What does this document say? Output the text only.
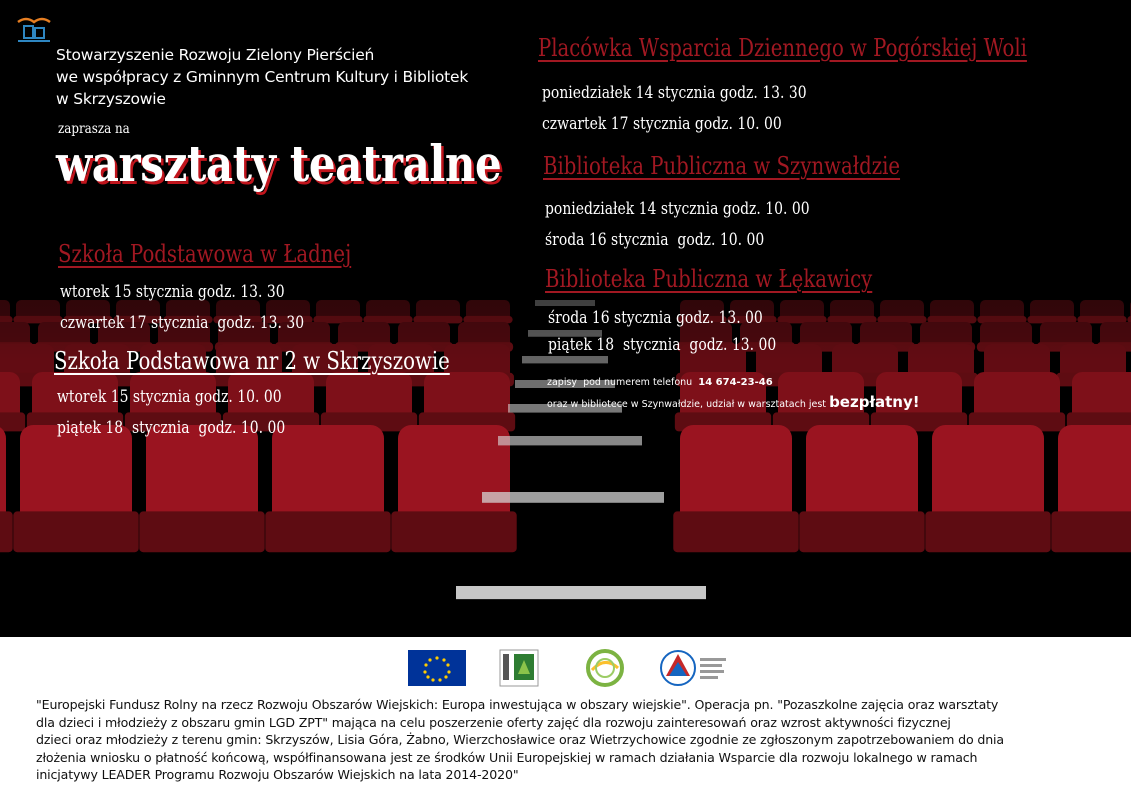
Stowarzyszenie Rozwoju Zielony Pierścień
we współpracy z Gminnym Centrum Kultury i Bibliotek
w Skrzyszowie
zaprasza na
warsztaty teatralne
Szkoła Podstawowa w Ładnej
wtorek 15 stycznia godz. 13. 30
czwartek 17 stycznia  godz. 13. 30
Szkoła Podstawowa nr 2 w Skrzyszowie
wtorek 15 stycznia godz. 10. 00
piątek 18  stycznia  godz. 10. 00
Placówka Wsparcia Dziennego w Pogórskiej Woli
poniedziałek 14 stycznia godz. 13. 30
czwartek 17 stycznia godz. 10. 00
Biblioteka Publiczna w Szynwałdzie
poniedziałek 14 stycznia godz. 10. 00
środa 16 stycznia  godz. 10. 00
Biblioteka Publiczna w Łękawicy
środa 16 stycznia godz. 13. 00
piątek 18  stycznia  godz. 13. 00
zapisy  pod numerem telefonu 14 674-23-46
oraz w bibliotece w Szynwałdzie, udział w warsztatach jest bezpłatny!
"Europejski Fundusz Rolny na rzecz Rozwoju Obszarów Wiejskich: Europa inwestująca w obszary wiejskie". Operacja pn. "Pozaszkolne zajęcia oraz warsztaty
dla dzieci i młodzieży z obszaru gmin LGD ZPT" mająca na celu poszerzenie oferty zajęć dla rozwoju zainteresowań oraz wzrost aktywności fizycznej
dzieci oraz młodzieży z terenu gmin: Skrzyszów, Lisia Góra, Żabno, Wierzchosławice oraz Wietrzychowice zgodnie ze zgłoszonym zapotrzebowaniem do dnia
złożenia wniosku o płatność końcową, współfinansowana jest ze środków Unii Europejskiej w ramach działania Wsparcie dla rozwoju lokalnego w ramach
inicjatywy LEADER Programu Rozwoju Obszarów Wiejskich na lata 2014-2020"
